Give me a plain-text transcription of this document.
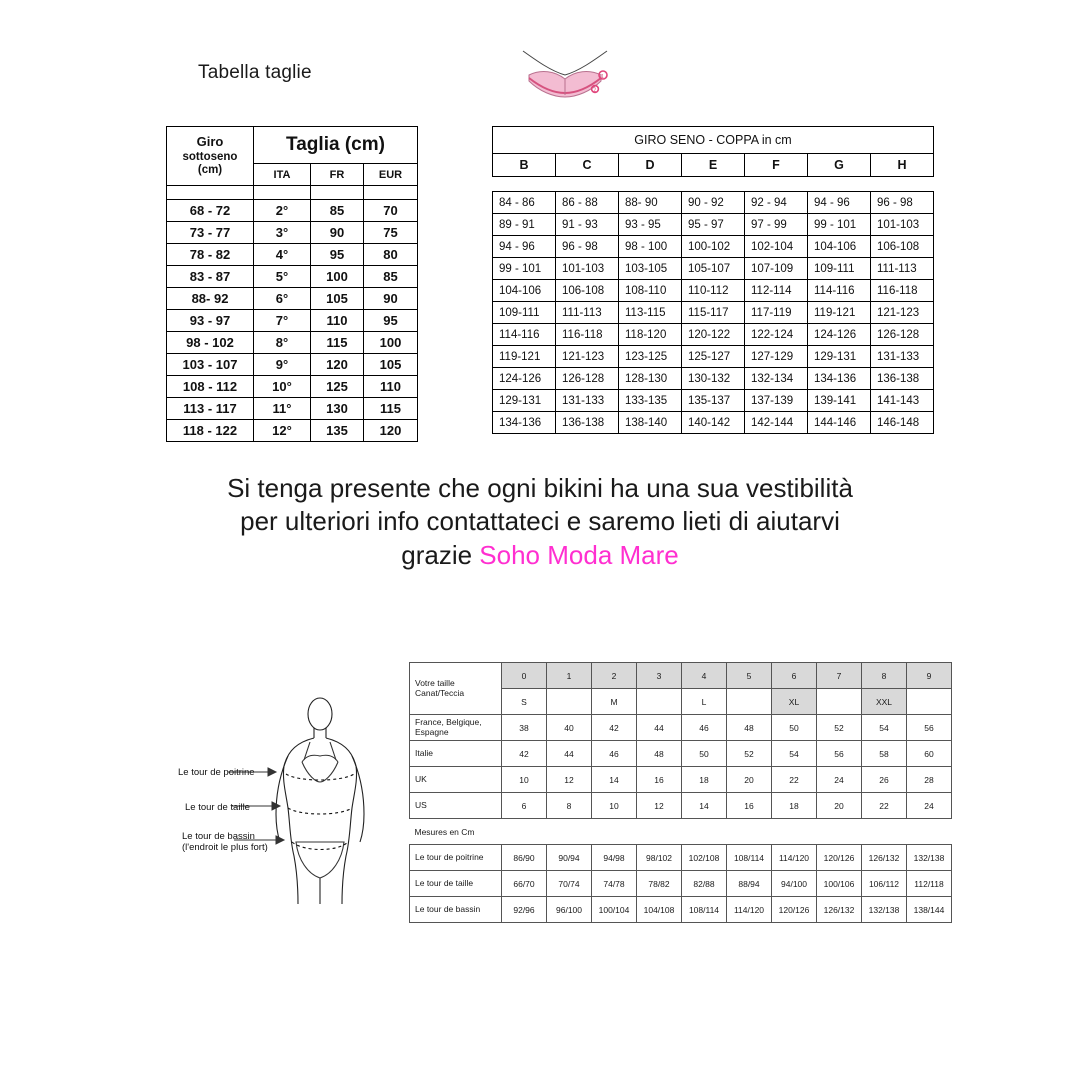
Tabella taglie	1
2
Giro
sottoseno
(cm)	Taglia (cm)		
	ITA	FR	EUR

68 - 72	2°	85	70
73 - 77	3°	90	75
78 - 82	4°	95	80
83 - 87	5°	100	85
88- 92	6°	105	90
93 - 97	7°	110	95
98 - 102	8°	115	100
103 - 107	9°	120	105
108 - 112	10°	125	110
113 - 117	11°	130	115
118 - 122	12°	135	120
GIRO SENO - COPPA in cm						
B	C	D	E	F	G	H

84 - 86	86 - 88	88- 90	90 - 92	92 - 94	94 - 96	96 - 98
89 - 91	91 - 93	93 - 95	95 - 97	97 - 99	99 - 101	101-103
94 - 96	96 - 98	98 - 100	100-102	102-104	104-106	106-108
99 - 101	101-103	103-105	105-107	107-109	109-111	111-113
104-106	106-108	108-110	110-112	112-114	114-116	116-118
109-111	111-113	113-115	115-117	117-119	119-121	121-123
114-116	116-118	118-120	120-122	122-124	124-126	126-128
119-121	121-123	123-125	125-127	127-129	129-131	131-133
124-126	126-128	128-130	130-132	132-134	134-136	136-138
129-131	131-133	133-135	135-137	137-139	139-141	141-143
134-136	136-138	138-140	140-142	142-144	144-146	146-148
Si tenga presente che ogni bikini ha una sua vestibilità
per ulteriori info contattateci e saremo lieti di aiutarvi
grazie Soho Moda Mare
Le tour de poitrine
Le tour de taille
Le tour de bassin
(l'endroit le plus fort)
Votre taille
Canat/Teccia	0	1	2	3	4	5	6	7	8	9
	S		M		L		XL		XXL	
France, Belgique,
Espagne	38	40	42	44	46	48	50	52	54	56
Italie	42	44	46	48	50	52	54	56	58	60
UK	10	12	14	16	18	20	22	24	26	28
US	6	8	10	12	14	16	18	20	22	24
Mesures en Cm										
Le tour de poitrine	86/90	90/94	94/98	98/102	102/108	108/114	114/120	120/126	126/132	132/138
Le tour de taille	66/70	70/74	74/78	78/82	82/88	88/94	94/100	100/106	106/112	112/118
Le tour de bassin	92/96	96/100	100/104	104/108	108/114	114/120	120/126	126/132	132/138	138/144
